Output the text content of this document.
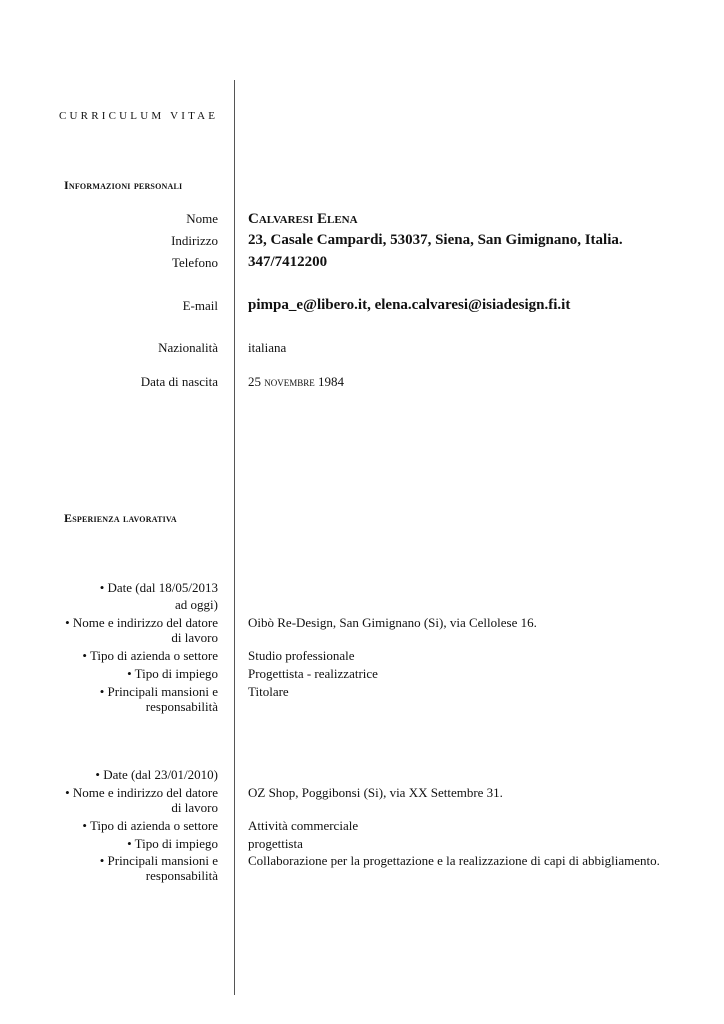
CURRICULUM VITAE
Informazioni personali
Nome Calvaresi Elena
Indirizzo 23, Casale Campardi, 53037, Siena, San Gimignano, Italia.
Telefono 347/7412200
E-mail pimpa_e@libero.it, elena.calvaresi@isiadesign.fi.it
Nazionalità italiana
Data di nascita 25 novembre 1984
Esperienza lavorativa
• Date (dal 18/05/2013
ad oggi)
• Nome e indirizzo del datore
di lavoro
Oibò Re-Design, San Gimignano (Si), via Cellolese 16.
• Tipo di azienda o settore Studio professionale
• Tipo di impiego Progettista - realizzatrice
• Principali mansioni e
responsabilità
Titolare
• Date (dal 23/01/2010)
• Nome e indirizzo del datore
di lavoro
OZ Shop, Poggibonsi (Si), via XX Settembre 31.
• Tipo di azienda o settore Attività commerciale
• Tipo di impiego progettista
• Principali mansioni e
responsabilità
Collaborazione per la progettazione e la realizzazione di capi di abbigliamento.
